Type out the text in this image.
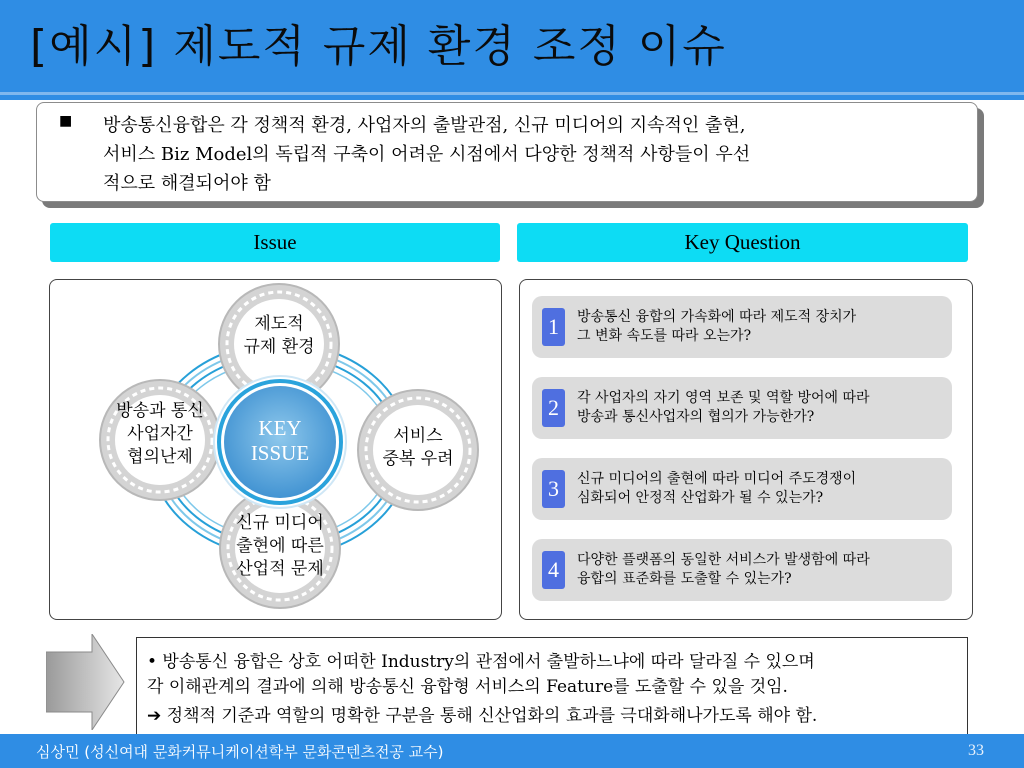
[예시] 제도적 규제 환경 조정 이슈
■ 방송통신융합은 각 정책적 환경, 사업자의 출발관점, 신규 미디어의 지속적인 출현,
서비스 Biz Model의 독립적 구축이 어려운 시점에서 다양한 정책적 사항들이 우선
적으로 해결되어야 함
Issue	Key Question
제도적
규제 환경
방송과 통신
사업자간
협의난제
서비스
중복 우려
신규 미디어
출현에 따른
산업적 문제
KEY
ISSUE
1	방송통신 융합의 가속화에 따라 제도적 장치가
그 변화 속도를 따라 오는가?
2	각 사업자의 자기 영역 보존 및 역할 방어에 따라
방송과 통신사업자의 협의가 가능한가?
3	신규 미디어의 출현에 따라 미디어 주도경쟁이
심화되어 안정적 산업화가 될 수 있는가?
4	다양한 플랫폼의 동일한 서비스가 발생함에 따라
융합의 표준화를 도출할 수 있는가?
• 방송통신 융합은 상호 어떠한 Industry의 관점에서 출발하느냐에 따라 달라질 수 있으며
각 이해관계의 결과에 의해 방송통신 융합형 서비스의 Feature를 도출할 수 있을 것임.
➔ 정책적 기준과 역할의 명확한 구분을 통해 신산업화의 효과를 극대화해나가도록 해야 함.
심상민 (성신여대 문화커뮤니케이션학부 문화콘텐츠전공 교수)	33
